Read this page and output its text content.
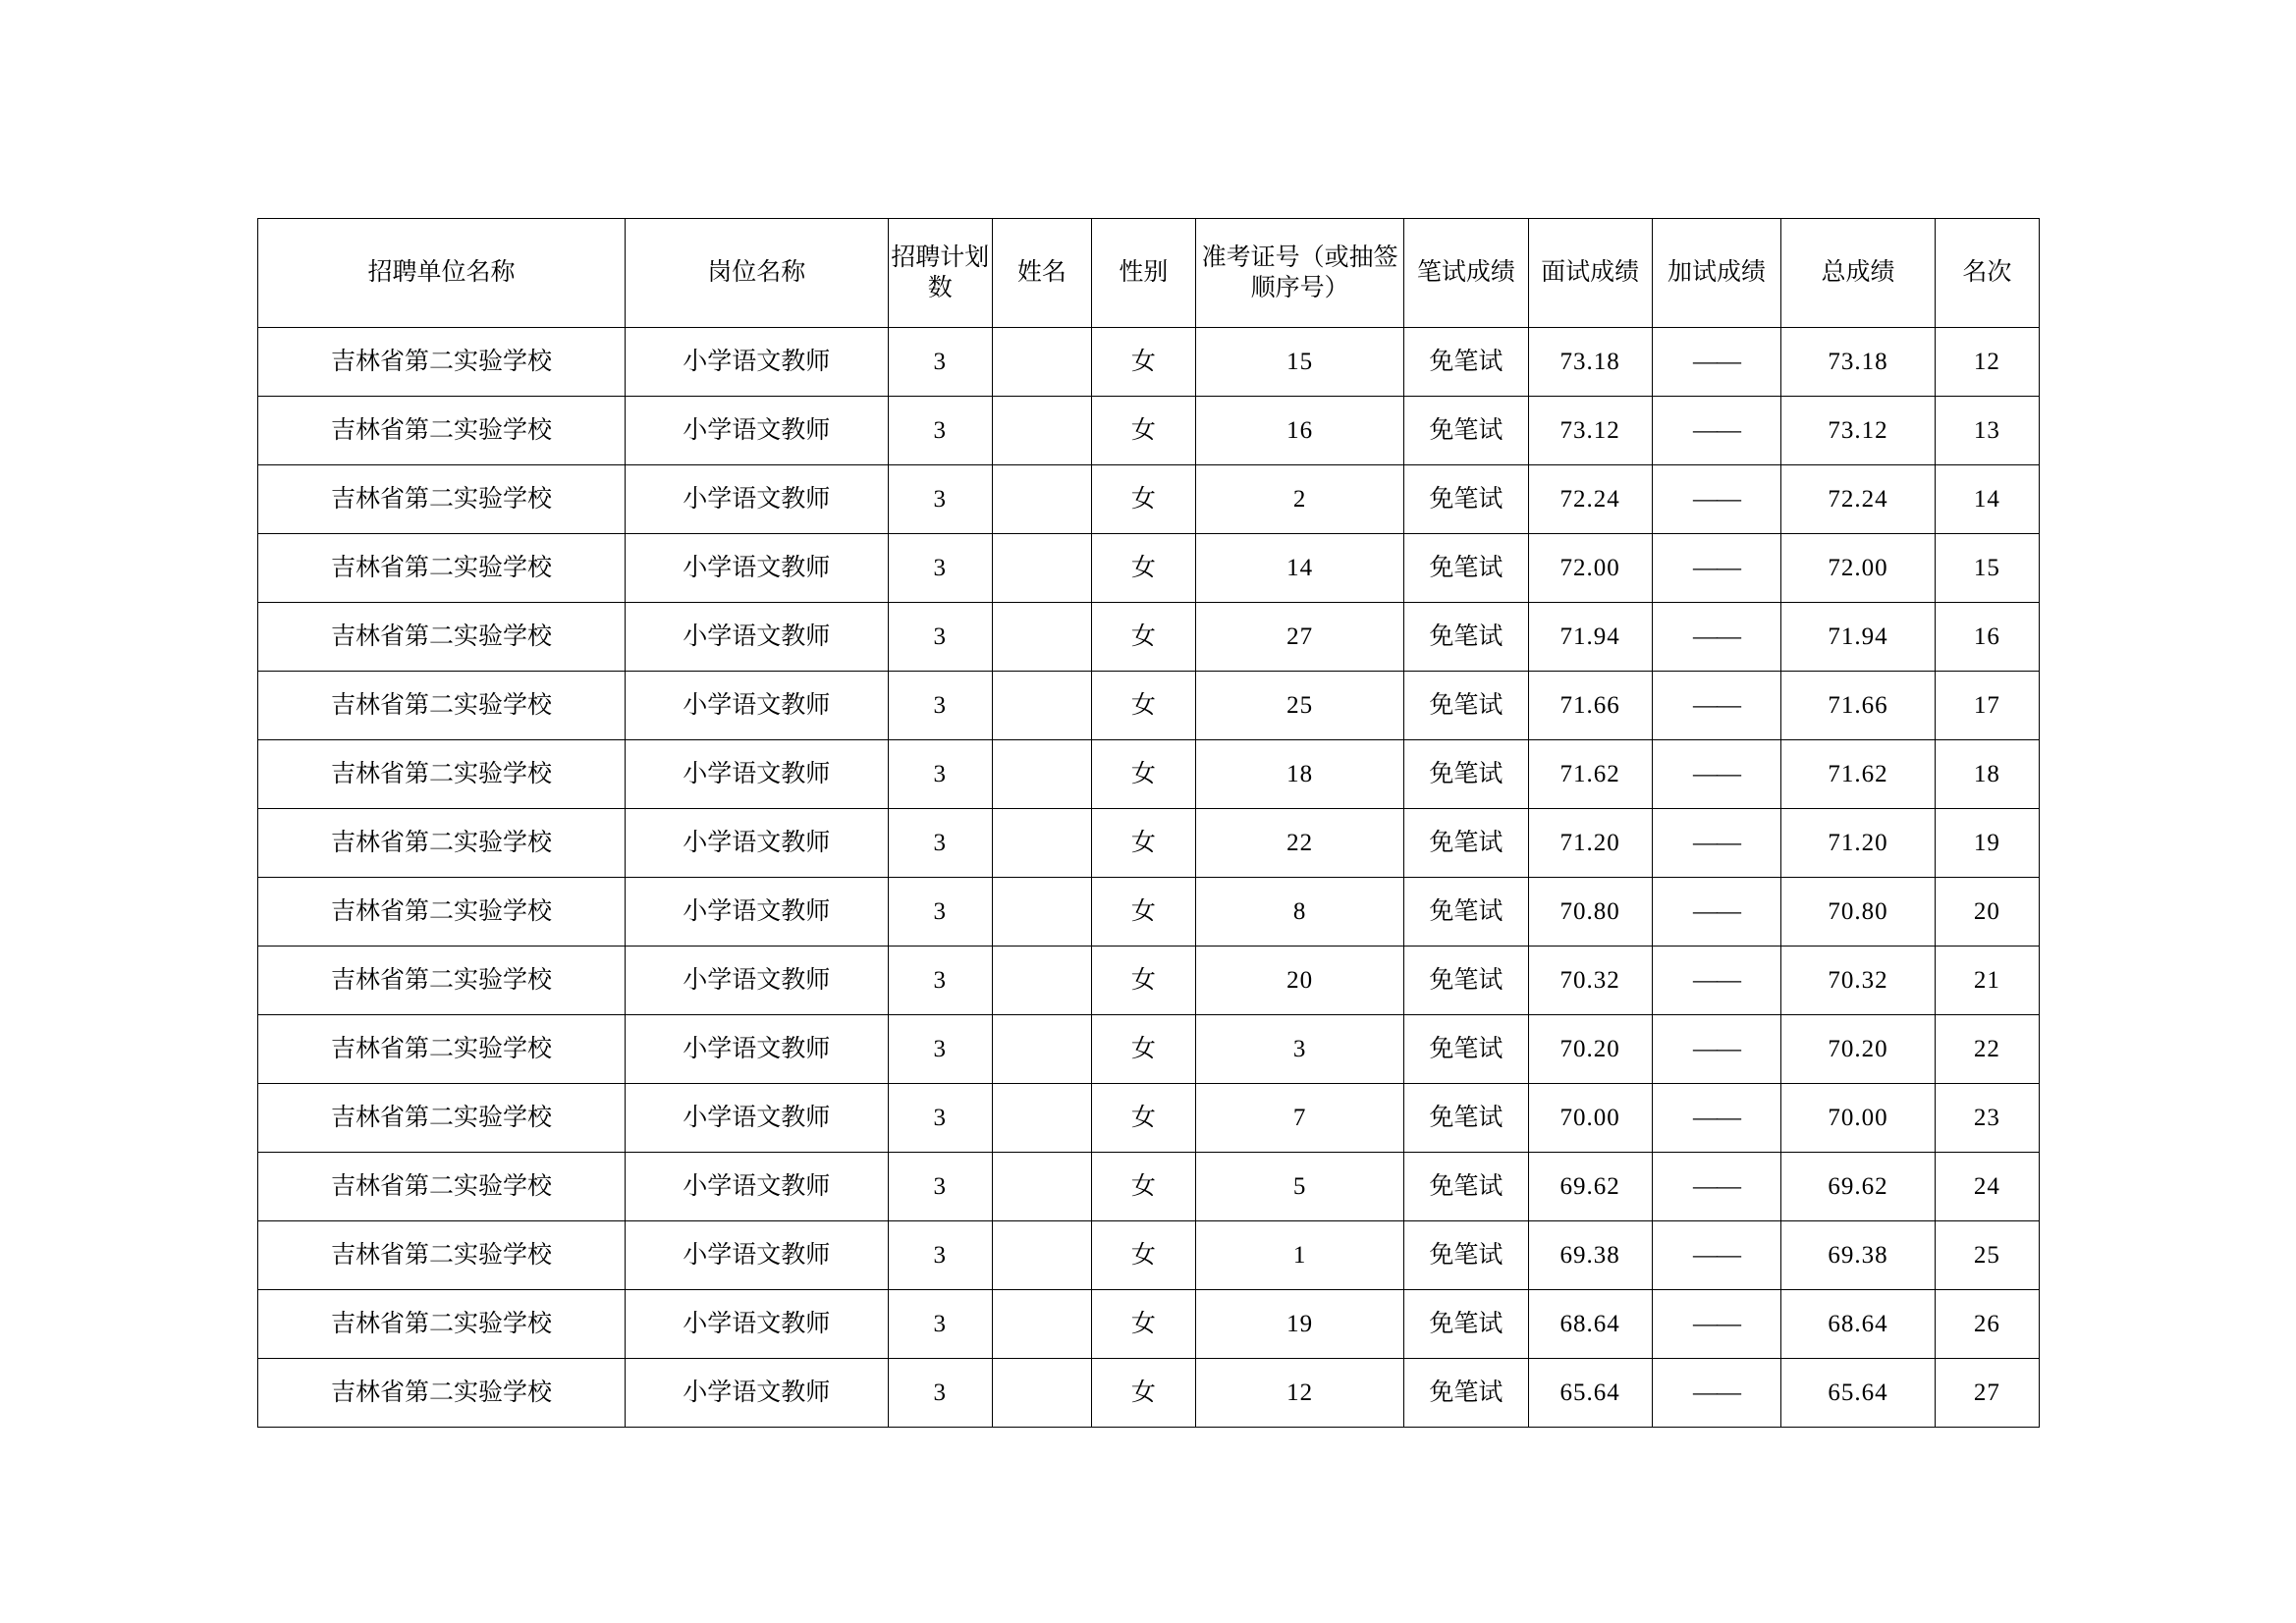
招聘单位名称	岗位名称	招聘计划数	姓名	性别	准考证号（或抽签顺序号）	笔试成绩	面试成绩	加试成绩	总成绩	名次
吉林省第二实验学校	小学语文教师	3		女	15	免笔试	73.18	——	73.18	12
吉林省第二实验学校	小学语文教师	3		女	16	免笔试	73.12	——	73.12	13
吉林省第二实验学校	小学语文教师	3		女	2	免笔试	72.24	——	72.24	14
吉林省第二实验学校	小学语文教师	3		女	14	免笔试	72.00	——	72.00	15
吉林省第二实验学校	小学语文教师	3		女	27	免笔试	71.94	——	71.94	16
吉林省第二实验学校	小学语文教师	3		女	25	免笔试	71.66	——	71.66	17
吉林省第二实验学校	小学语文教师	3		女	18	免笔试	71.62	——	71.62	18
吉林省第二实验学校	小学语文教师	3		女	22	免笔试	71.20	——	71.20	19
吉林省第二实验学校	小学语文教师	3		女	8	免笔试	70.80	——	70.80	20
吉林省第二实验学校	小学语文教师	3		女	20	免笔试	70.32	——	70.32	21
吉林省第二实验学校	小学语文教师	3		女	3	免笔试	70.20	——	70.20	22
吉林省第二实验学校	小学语文教师	3		女	7	免笔试	70.00	——	70.00	23
吉林省第二实验学校	小学语文教师	3		女	5	免笔试	69.62	——	69.62	24
吉林省第二实验学校	小学语文教师	3		女	1	免笔试	69.38	——	69.38	25
吉林省第二实验学校	小学语文教师	3		女	19	免笔试	68.64	——	68.64	26
吉林省第二实验学校	小学语文教师	3		女	12	免笔试	65.64	——	65.64	27
